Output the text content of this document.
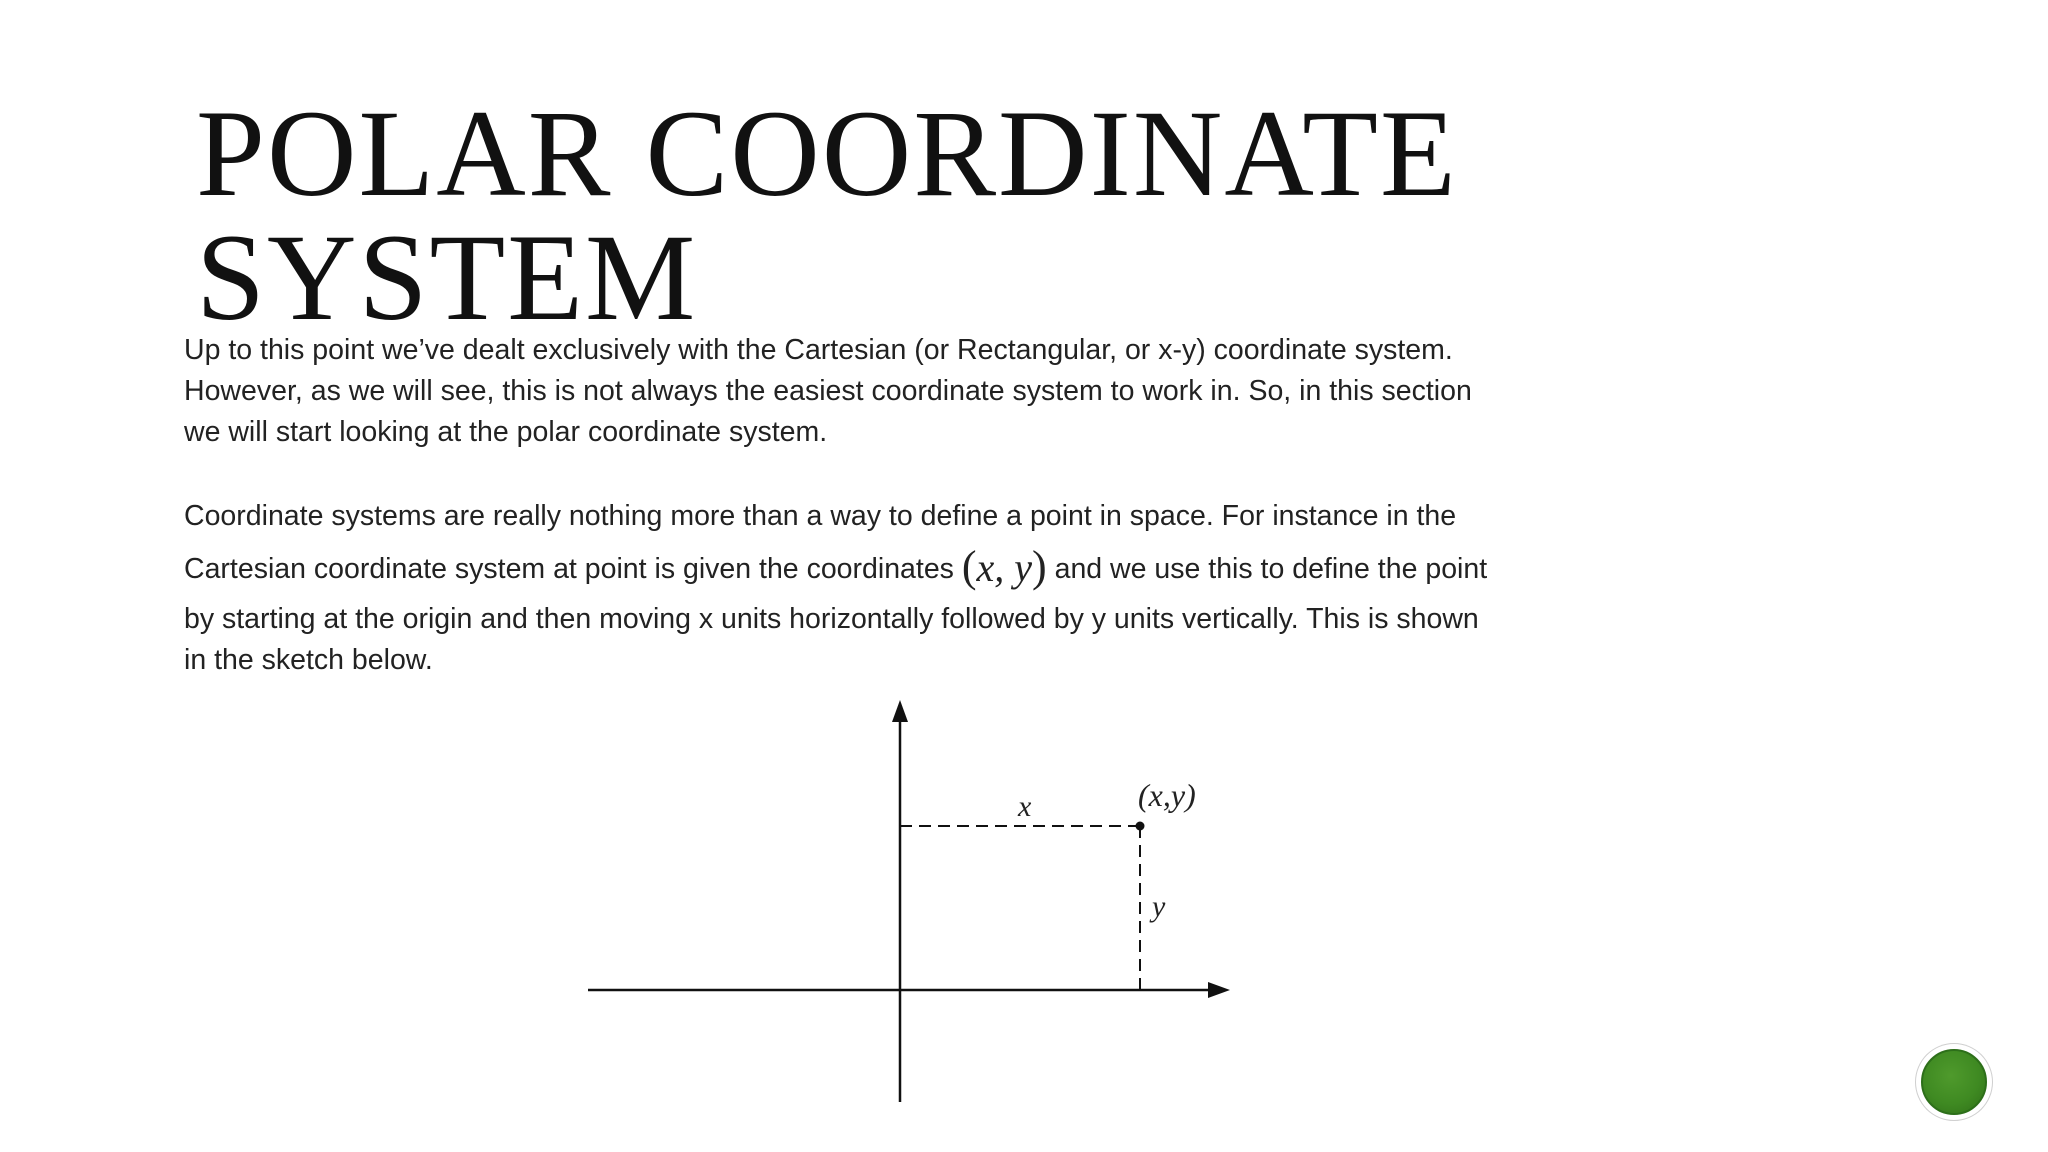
POLAR COORDINATE
SYSTEM

Up to this point we’ve dealt exclusively with the Cartesian (or Rectangular, or x-y) coordinate system.

However, as we will see, this is not always the easiest coordinate system to work in. So, in this section

we will start looking at the polar coordinate system.

Coordinate systems are really nothing more than a way to define a point in space. For instance in the

Cartesian coordinate system at point is given the coordinates (x, y) and we use this to define the point

by starting at the origin and then moving x units horizontally followed by y units vertically. This is shown

in the sketch below.

x
y
(x,y)
